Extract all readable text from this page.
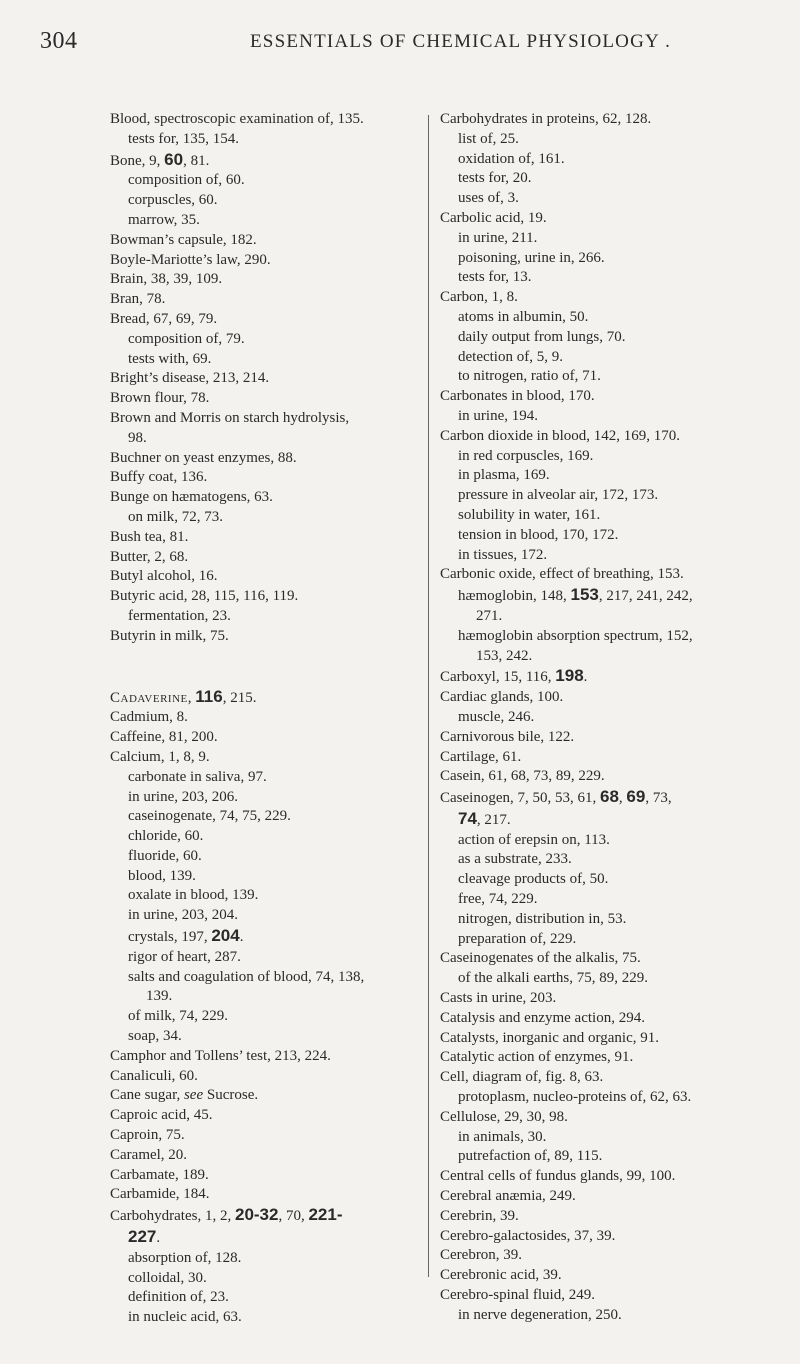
304	ESSENTIALS OF CHEMICAL PHYSIOLOGY .
Blood, spectroscopic examination of, 135.
tests for, 135, 154.
Bone, 9, 60, 81.
composition of, 60.
corpuscles, 60.
marrow, 35.
Bowman’s capsule, 182.
Boyle-Mariotte’s law, 290.
Brain, 38, 39, 109.
Bran, 78.
Bread, 67, 69, 79.
composition of, 79.
tests with, 69.
Bright’s disease, 213, 214.
Brown flour, 78.
Brown and Morris on starch hydrolysis,
98.
Buchner on yeast enzymes, 88.
Buffy coat, 136.
Bunge on hæmatogens, 63.
on milk, 72, 73.
Bush tea, 81.
Butter, 2, 68.
Butyl alcohol, 16.
Butyric acid, 28, 115, 116, 119.
fermentation, 23.
Butyrin in milk, 75.
Cadaverine, 116, 215.
Cadmium, 8.
Caffeine, 81, 200.
Calcium, 1, 8, 9.
carbonate in saliva, 97.
in urine, 203, 206.
caseinogenate, 74, 75, 229.
chloride, 60.
fluoride, 60.
blood, 139.
oxalate in blood, 139.
in urine, 203, 204.
crystals, 197, 204.
rigor of heart, 287.
salts and coagulation of blood, 74, 138,
139.
of milk, 74, 229.
soap, 34.
Camphor and Tollens’ test, 213, 224.
Canaliculi, 60.
Cane sugar, see Sucrose.
Caproic acid, 45.
Caproin, 75.
Caramel, 20.
Carbamate, 189.
Carbamide, 184.
Carbohydrates, 1, 2, 20-32, 70, 221-
227.
absorption of, 128.
colloidal, 30.
definition of, 23.
in nucleic acid, 63.
Carbohydrates in proteins, 62, 128.
list of, 25.
oxidation of, 161.
tests for, 20.
uses of, 3.
Carbolic acid, 19.
in urine, 211.
poisoning, urine in, 266.
tests for, 13.
Carbon, 1, 8.
atoms in albumin, 50.
daily output from lungs, 70.
detection of, 5, 9.
to nitrogen, ratio of, 71.
Carbonates in blood, 170.
in urine, 194.
Carbon dioxide in blood, 142, 169, 170.
in red corpuscles, 169.
in plasma, 169.
pressure in alveolar air, 172, 173.
solubility in water, 161.
tension in blood, 170, 172.
in tissues, 172.
Carbonic oxide, effect of breathing, 153.
hæmoglobin, 148, 153, 217, 241, 242,
271.
hæmoglobin absorption spectrum, 152,
153, 242.
Carboxyl, 15, 116, 198.
Cardiac glands, 100.
muscle, 246.
Carnivorous bile, 122.
Cartilage, 61.
Casein, 61, 68, 73, 89, 229.
Caseinogen, 7, 50, 53, 61, 68, 69, 73,
74, 217.
action of erepsin on, 113.
as a substrate, 233.
cleavage products of, 50.
free, 74, 229.
nitrogen, distribution in, 53.
preparation of, 229.
Caseinogenates of the alkalis, 75.
of the alkali earths, 75, 89, 229.
Casts in urine, 203.
Catalysis and enzyme action, 294.
Catalysts, inorganic and organic, 91.
Catalytic action of enzymes, 91.
Cell, diagram of, fig. 8, 63.
protoplasm, nucleo-proteins of, 62, 63.
Cellulose, 29, 30, 98.
in animals, 30.
putrefaction of, 89, 115.
Central cells of fundus glands, 99, 100.
Cerebral anæmia, 249.
Cerebrin, 39.
Cerebro-galactosides, 37, 39.
Cerebron, 39.
Cerebronic acid, 39.
Cerebro-spinal fluid, 249.
in nerve degeneration, 250.
